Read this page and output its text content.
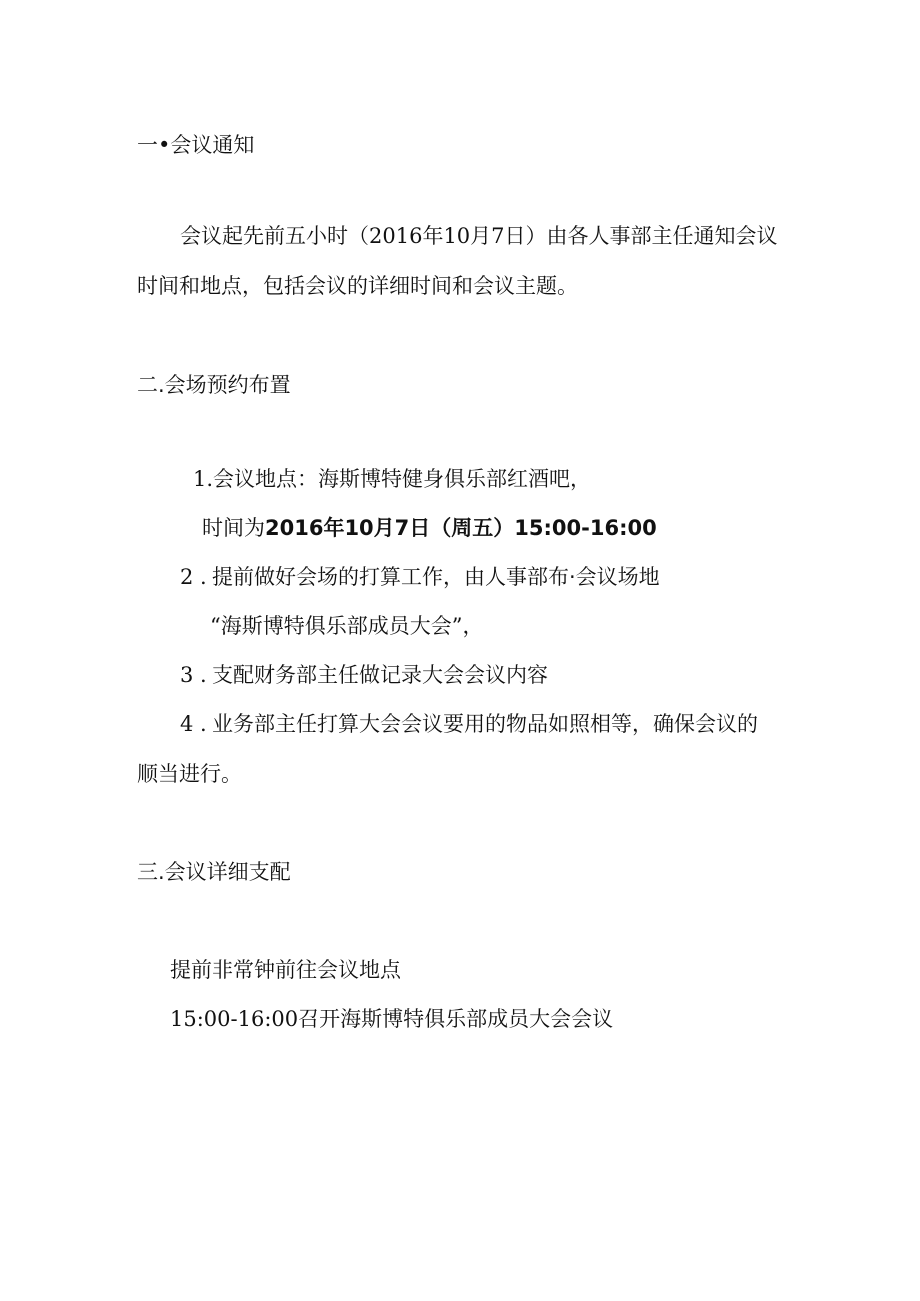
一•会议通知
会议起先前五小时（2016年10月7日）由各人事部主任通知会议
时间和地点，包括会议的详细时间和会议主题。
二.会场预约布置
1.会议地点：海斯博特健身俱乐部红酒吧，
时间为2016年10月7日（周五）15:00-16:00
2 . 提前做好会场的打算工作，由人事部布·会议场地
“海斯博特俱乐部成员大会”，
3 . 支配财务部主任做记录大会会议内容
4 . 业务部主任打算大会会议要用的物品如照相等，确保会议的
顺当进行。
三.会议详细支配
提前非常钟前往会议地点
15:00-16:00召开海斯博特俱乐部成员大会会议
